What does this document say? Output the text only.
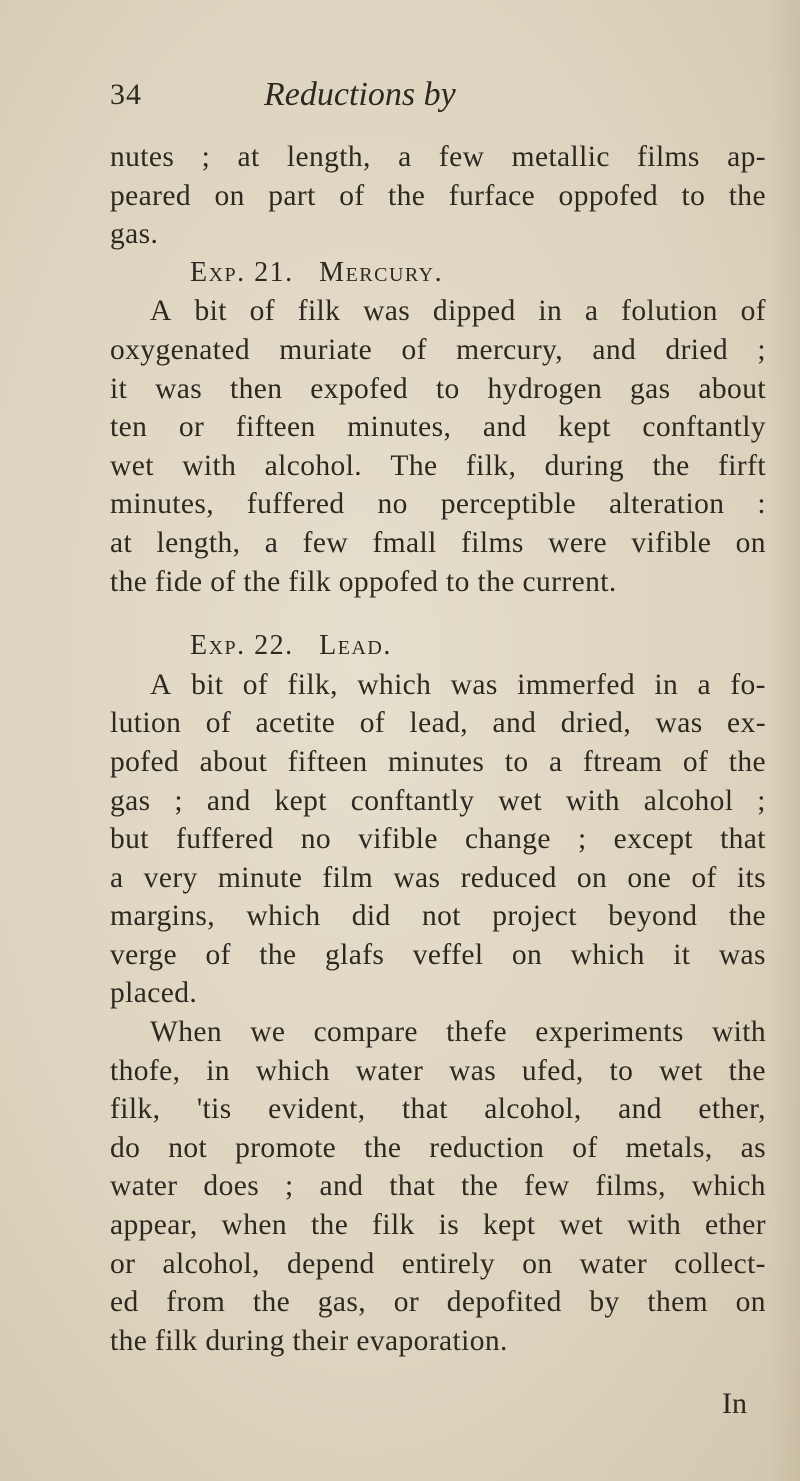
34	Reductions by
nutes ; at length, a few metallic films ap-
peared on part of the furface oppofed to the
gas.
Exp. 21. Mercury.
A bit of filk was dipped in a folution of
oxygenated muriate of mercury, and dried ;
it was then expofed to hydrogen gas about
ten or fifteen minutes, and kept conftantly
wet with alcohol. The filk, during the firft
minutes, fuffered no perceptible alteration :
at length, a few fmall films were vifible on
the fide of the filk oppofed to the current.
Exp. 22. Lead.
A bit of filk, which was immerfed in a fo-
lution of acetite of lead, and dried, was ex-
pofed about fifteen minutes to a ftream of the
gas ; and kept conftantly wet with alcohol ;
but fuffered no vifible change ; except that
a very minute film was reduced on one of its
margins, which did not project beyond the
verge of the glafs veffel on which it was
placed.
When we compare thefe experiments with
thofe, in which water was ufed, to wet the
filk, 'tis evident, that alcohol, and ether,
do not promote the reduction of metals, as
water does ; and that the few films, which
appear, when the filk is kept wet with ether
or alcohol, depend entirely on water collect-
ed from the gas, or depofited by them on
the filk during their evaporation.
In
